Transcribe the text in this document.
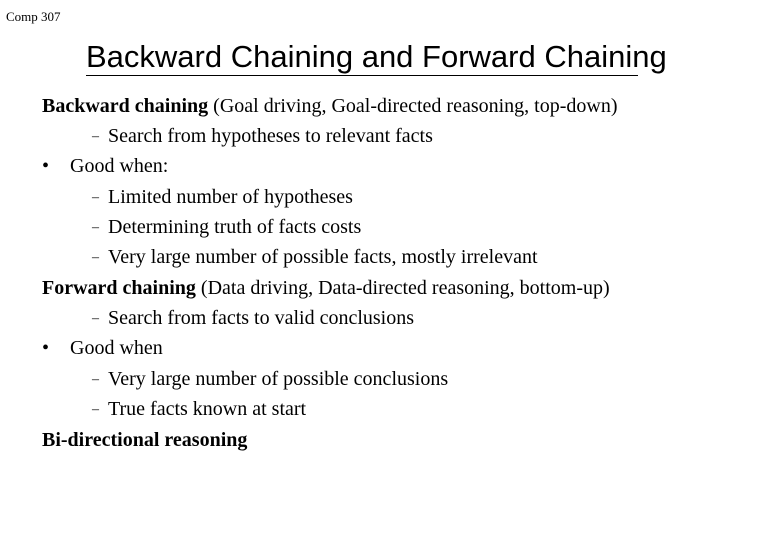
Comp 307
Backward Chaining and Forward Chaining
Backward chaining (Goal driving, Goal-directed reasoning, top-down)
– Search from hypotheses to relevant facts
• Good when:
– Limited number of hypotheses
– Determining truth of facts costs
– Very large number of possible facts, mostly irrelevant
Forward chaining (Data driving, Data-directed reasoning, bottom-up)
– Search from facts to valid conclusions
• Good when
– Very large number of possible conclusions
– True facts known at start
Bi-directional reasoning
